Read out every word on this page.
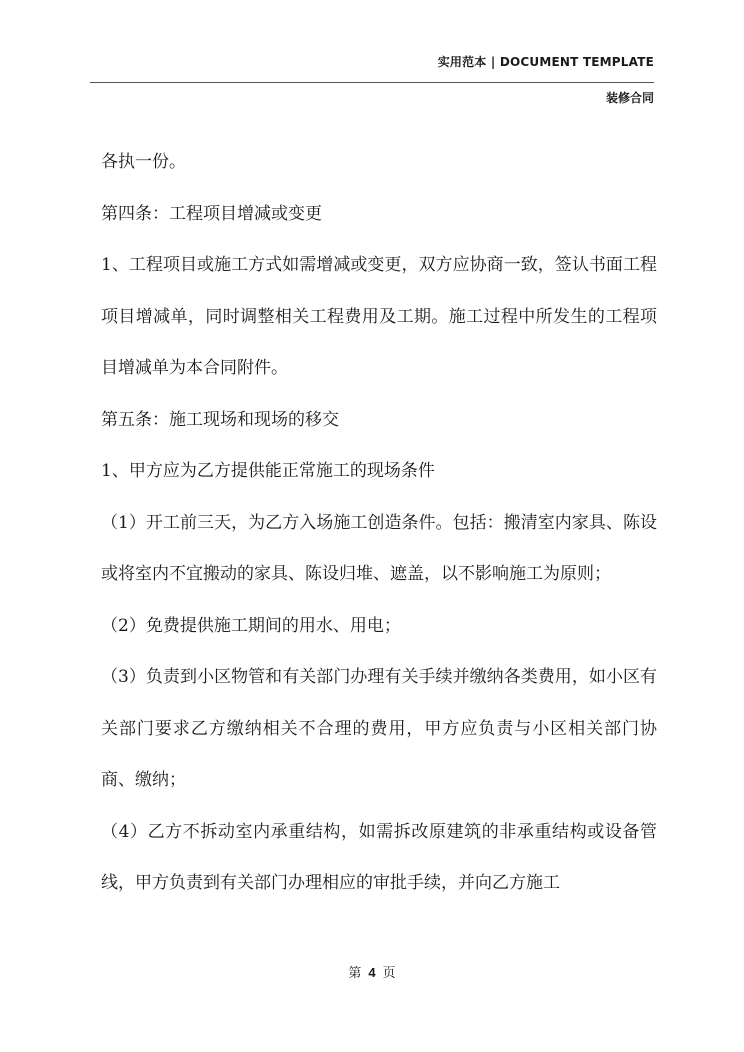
实用范本 | DOCUMENT TEMPLATE
装修合同

各执一份。

第四条：工程项目增减或变更

1、工程项目或施工方式如需增减或变更，双方应协商一致，签认书面工程项目增减单，同时调整相关工程费用及工期。施工过程中所发生的工程项目增减单为本合同附件。

第五条：施工现场和现场的移交

1、甲方应为乙方提供能正常施工的现场条件

（1）开工前三天，为乙方入场施工创造条件。包括：搬清室内家具、陈设或将室内不宜搬动的家具、陈设归堆、遮盖，以不影响施工为原则；

（2）免费提供施工期间的用水、用电；

（3）负责到小区物管和有关部门办理有关手续并缴纳各类费用，如小区有关部门要求乙方缴纳相关不合理的费用，甲方应负责与小区相关部门协商、缴纳；

（4）乙方不拆动室内承重结构，如需拆改原建筑的非承重结构或设备管线，甲方负责到有关部门办理相应的审批手续，并向乙方施工

第 4 页
